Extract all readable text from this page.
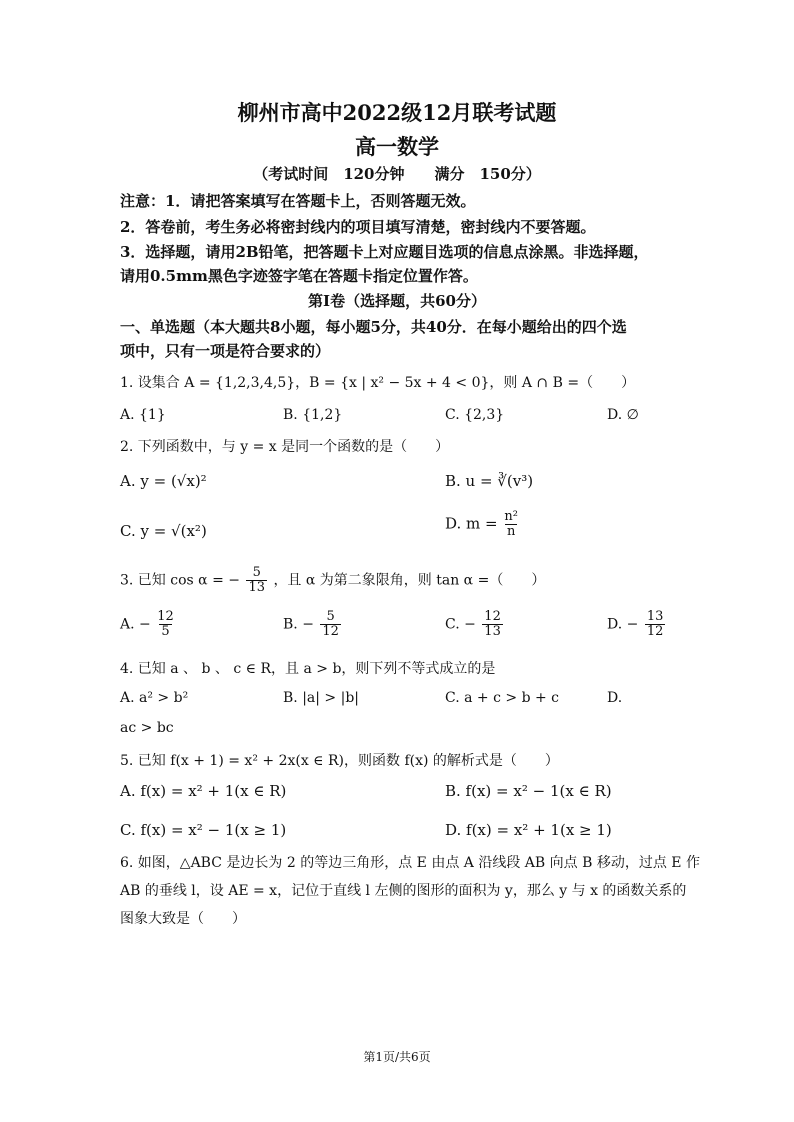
柳州市高中2022级12月联考试题
高一数学
（考试时间　120分钟　　满分　150分）
注意：1．请把答案填写在答题卡上，否则答题无效。
2．答卷前，考生务必将密封线内的项目填写清楚，密封线内不要答题。
3．选择题，请用2B铅笔，把答题卡上对应题目选项的信息点涂黑。非选择题，
请用0.5mm黑色字迹签字笔在答题卡指定位置作答。
第Ⅰ卷（选择题，共60分）
一、单选题（本大题共8小题，每小题5分，共40分．在每小题给出的四个选
项中，只有一项是符合要求的）
1. 设集合 A = {1,2,3,4,5}，B = {x | x² − 5x + 4 < 0}，则 A ∩ B =（　　）
A. {1}	B. {1,2}	C. {2,3}	D. ∅
2. 下列函数中，与 y = x 是同一个函数的是（　　）
A. y = (√x)²	B. u = ∛(v³)
C. y = √(x²)	D. $m = \frac{\text{n²}}{n}$
3. 已知 cos α = − $\frac{5}{13}$ ，且 α 为第二象限角，则 tan α =（　　）
A. − $\frac{12}{5}$	B. − $\frac{5}{12}$	C. − $\frac{12}{13}$	D. − $\frac{13}{12}$
4. 已知 a 、 b 、 c ∈ R，且 a > b，则下列不等式成立的是
A. a² > b²	B. |a| > |b|	C. a + c > b + c	D.
ac > bc
5. 已知 f(x + 1) = x² + 2x(x ∈ R)，则函数 f(x) 的解析式是（　　）
A. f(x) = x² + 1(x ∈ R)	B. f(x) = x² − 1(x ∈ R)
C. f(x) = x² − 1(x ≥ 1)	D. f(x) = x² + 1(x ≥ 1)
6. 如图，△ABC 是边长为 2 的等边三角形，点 E 由点 A 沿线段 AB 向点 B 移动，过点 E 作
AB 的垂线 l，设 AE = x，记位于直线 l 左侧的图形的面积为 y，那么 y 与 x 的函数关系的
图象大致是（　　）
第1页/共6页
